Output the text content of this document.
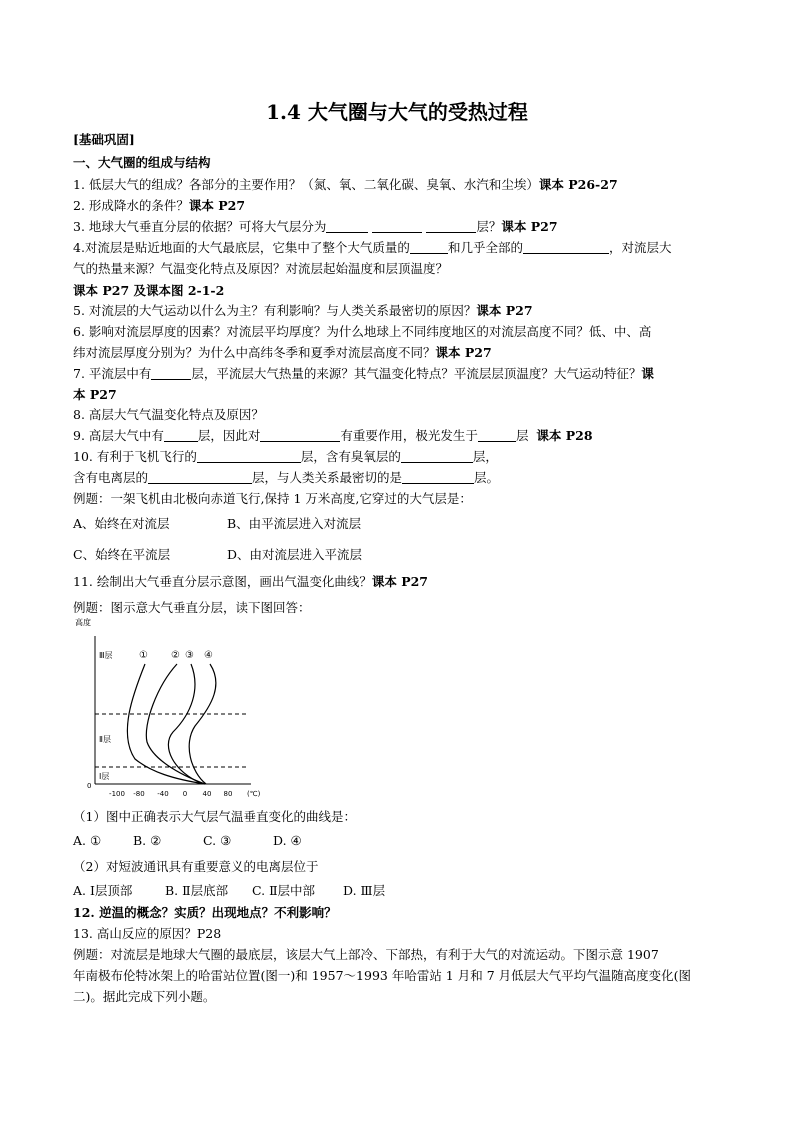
1.4 大气圈与大气的受热过程
[基础巩固]
一、大气圈的组成与结构
1. 低层大气的组成？各部分的主要作用？（氮、氧、二氧化碳、臭氧、水汽和尘埃）课本 P26-27
2. 形成降水的条件？课本 P27
3. 地球大气垂直分层的依据？可将大气层分为	层？课本 P27
4.对流层是贴近地面的大气最底层，它集中了整个大气质量的	和几乎全部的	，对流层大
气的热量来源？气温变化特点及原因？对流层起始温度和层顶温度？
课本 P27 及课本图 2-1-2
5. 对流层的大气运动以什么为主？有利影响？与人类关系最密切的原因？课本 P27
6. 影响对流层厚度的因素？对流层平均厚度？为什么地球上不同纬度地区的对流层高度不同？低、中、高
纬对流层厚度分别为？为什么中高纬冬季和夏季对流层高度不同？课本 P27
7. 平流层中有	层，平流层大气热量的来源？其气温变化特点？平流层层顶温度？大气运动特征？课
本 P27
8. 高层大气气温变化特点及原因？
9. 高层大气中有	层，因此对	有重要作用，极光发生于	层 课本 P28
10. 有利于飞机飞行的	层，含有臭氧层的	层，
含有电离层的	层，与人类关系最密切的是	层。
例题：一架飞机由北极向赤道飞行,保持 1 万米高度,它穿过的大气层是：
A、始终在对流层	B、由平流层进入对流层
C、始终在平流层	D、由对流层进入平流层
11. 绘制出大气垂直分层示意图，画出气温变化曲线？课本 P27
例题：图示意大气垂直分层，读下图回答：
高度
Ⅲ层
Ⅱ层
Ⅰ层
0
① ② ③ ④
-100 -80 -40 0 40 80 (℃)
（1）图中正确表示大气层气温垂直变化的曲线是：
A. ①	B. ②	C. ③	D. ④
（2）对短波通讯具有重要意义的电离层位于
A. Ⅰ层顶部	B. Ⅱ层底部 C. Ⅱ层中部 D. Ⅲ层
12. 逆温的概念？实质？出现地点？不利影响？
13. 高山反应的原因？P28
例题：对流层是地球大气圈的最底层，该层大气上部冷、下部热，有利于大气的对流运动。下图示意 1907
年南极布伦特冰架上的哈雷站位置(图一)和 1957～1993 年哈雷站 1 月和 7 月低层大气平均气温随高度变化(图
二)。据此完成下列小题。
